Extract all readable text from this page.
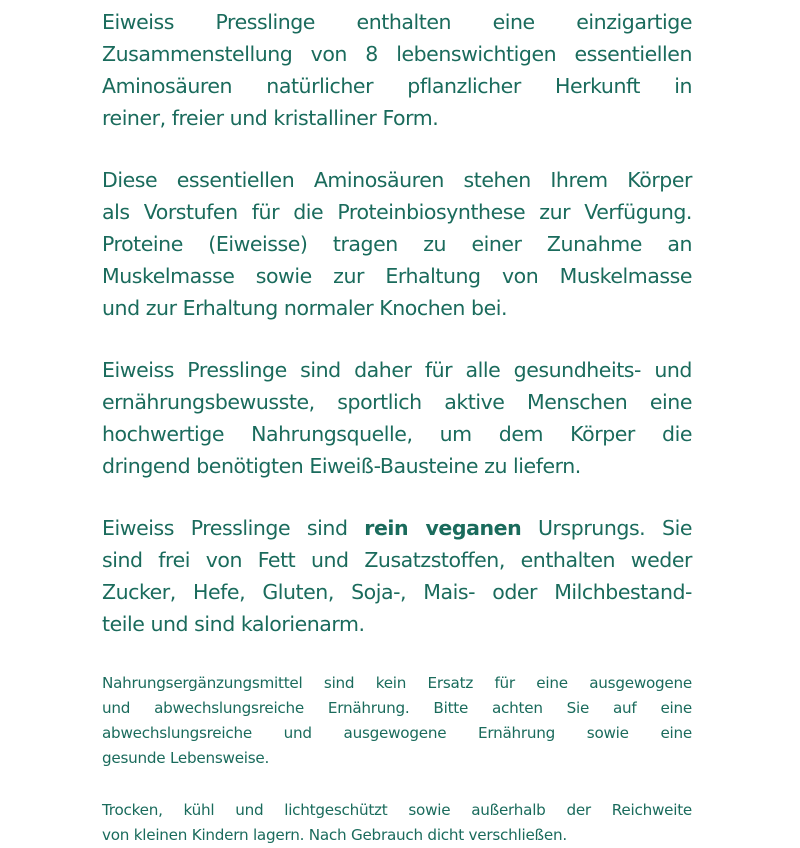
Eiweiss Presslinge enthalten eine einzigartige
Zusammenstellung von 8 lebenswichtigen essentiellen
Aminosäuren natürlicher pflanzlicher Herkunft in
reiner, freier und kristalliner Form.

Diese essentiellen Aminosäuren stehen Ihrem Körper
als Vorstufen für die Proteinbiosynthese zur Verfügung.
Proteine (Eiweisse) tragen zu einer Zunahme an
Muskelmasse sowie zur Erhaltung von Muskelmasse
und zur Erhaltung normaler Knochen bei.

Eiweiss Presslinge sind daher für alle gesundheits- und
ernährungsbewusste, sportlich aktive Menschen eine
hochwertige Nahrungsquelle, um dem Körper die
dringend benötigten Eiweiß-Bausteine zu liefern.

Eiweiss Presslinge sind rein veganen Ursprungs. Sie
sind frei von Fett und Zusatzstoffen, enthalten weder
Zucker, Hefe, Gluten, Soja-, Mais- oder Milchbestand-
teile und sind kalorienarm.

Nahrungsergänzungsmittel sind kein Ersatz für eine ausgewogene
und abwechslungsreiche Ernährung. Bitte achten Sie auf eine
abwechslungsreiche und ausgewogene Ernährung sowie eine
gesunde Lebensweise.

Trocken, kühl und lichtgeschützt sowie außerhalb der Reichweite
von kleinen Kindern lagern. Nach Gebrauch dicht verschließen.
